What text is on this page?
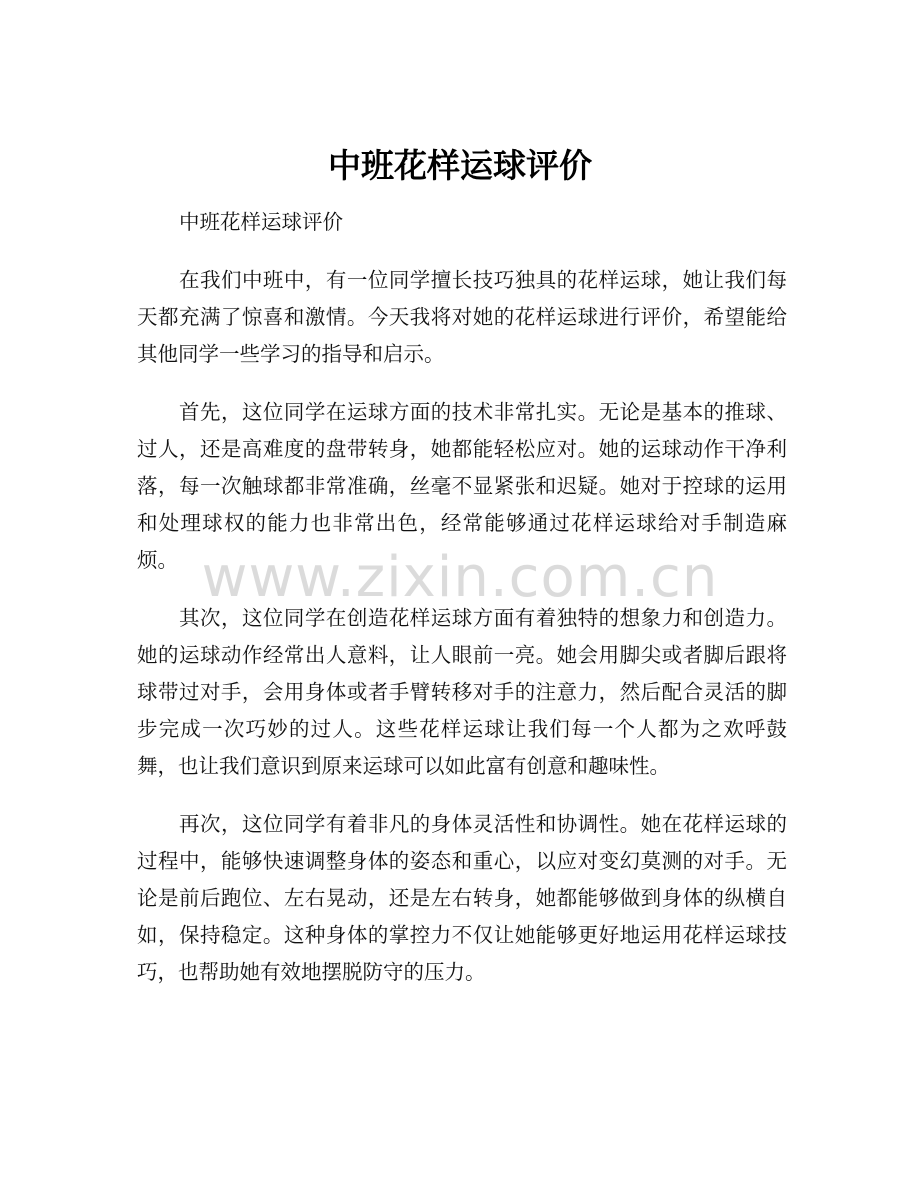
中班花样运球评价

中班花样运球评价

在我们中班中，有一位同学擅长技巧独具的花样运球，她让我们每天都充满了惊喜和激情。今天我将对她的花样运球进行评价，希望能给其他同学一些学习的指导和启示。

首先，这位同学在运球方面的技术非常扎实。无论是基本的推球、过人，还是高难度的盘带转身，她都能轻松应对。她的运球动作干净利落，每一次触球都非常准确，丝毫不显紧张和迟疑。她对于控球的运用和处理球权的能力也非常出色，经常能够通过花样运球给对手制造麻烦。

其次，这位同学在创造花样运球方面有着独特的想象力和创造力。她的运球动作经常出人意料，让人眼前一亮。她会用脚尖或者脚后跟将球带过对手，会用身体或者手臂转移对手的注意力，然后配合灵活的脚步完成一次巧妙的过人。这些花样运球让我们每一个人都为之欢呼鼓舞，也让我们意识到原来运球可以如此富有创意和趣味性。

再次，这位同学有着非凡的身体灵活性和协调性。她在花样运球的过程中，能够快速调整身体的姿态和重心，以应对变幻莫测的对手。无论是前后跑位、左右晃动，还是左右转身，她都能够做到身体的纵横自如，保持稳定。这种身体的掌控力不仅让她能够更好地运用花样运球技巧，也帮助她有效地摆脱防守的压力。

www.zixin.com.cn
